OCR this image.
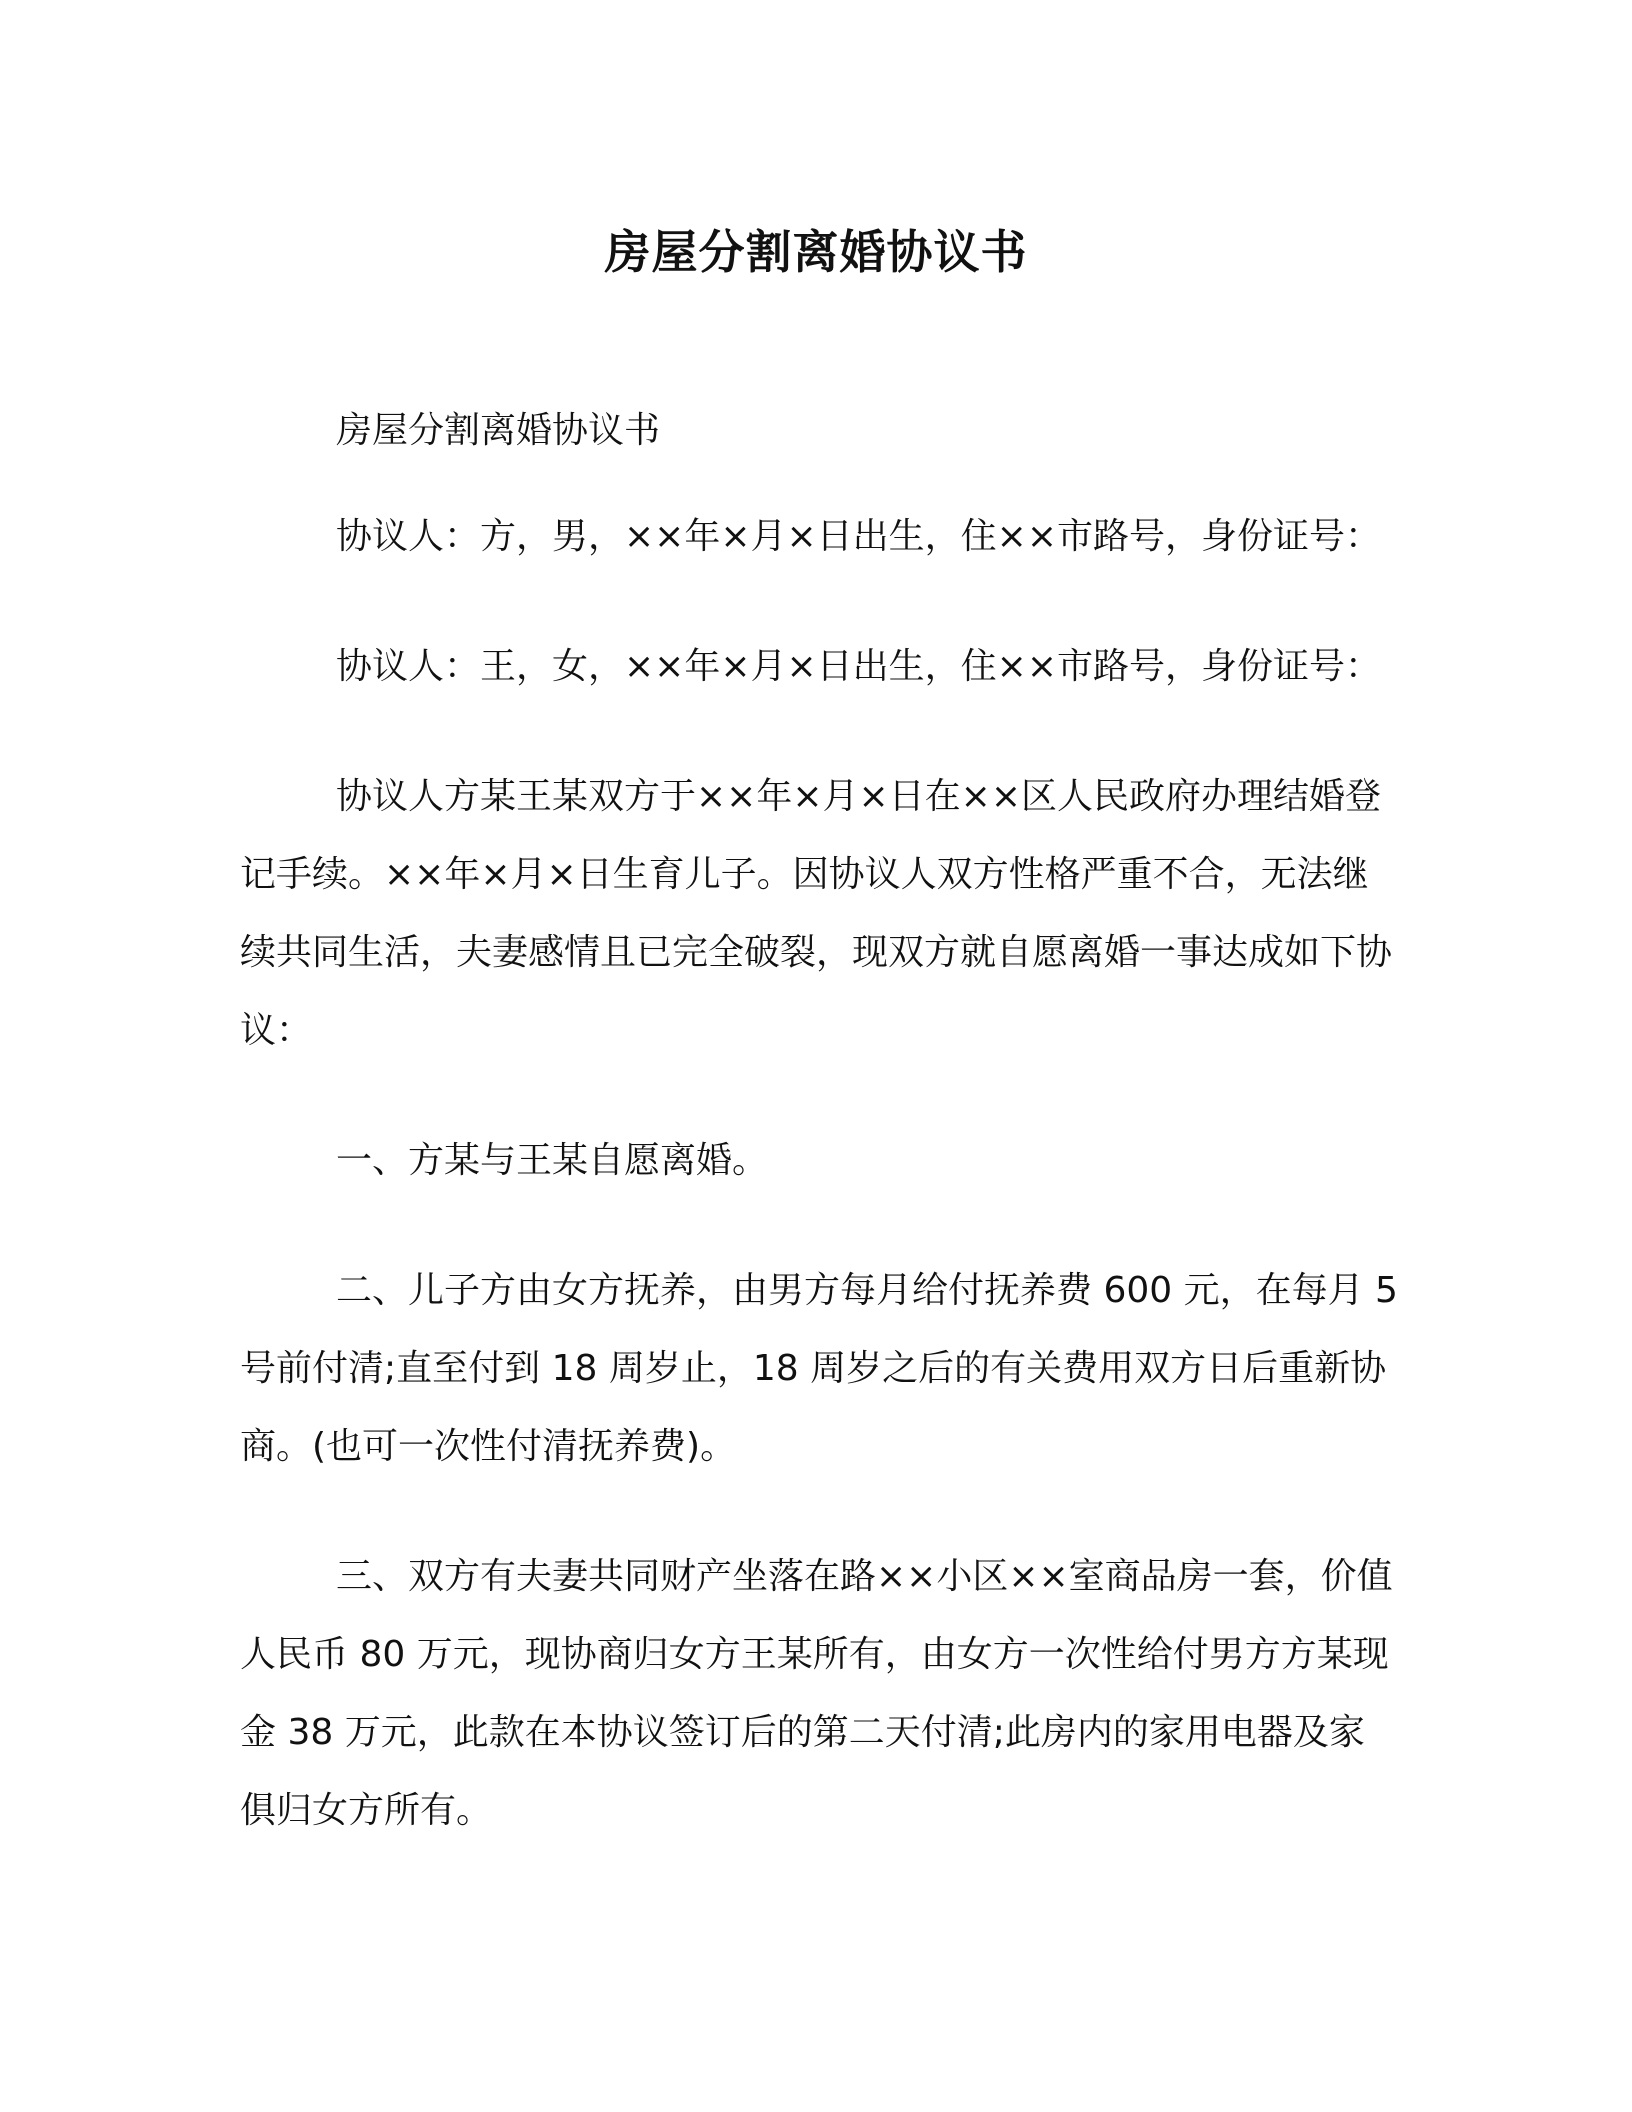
房屋分割离婚协议书

房屋分割离婚协议书

协议人：方，男，××年×月×日出生，住××市路号，身份证号：

协议人：王，女，××年×月×日出生，住××市路号，身份证号：

协议人方某王某双方于××年×月×日在××区人民政府办理结婚登记手续。××年×月×日生育儿子。因协议人双方性格严重不合，无法继续共同生活，夫妻感情且已完全破裂，现双方就自愿离婚一事达成如下协议：

一、方某与王某自愿离婚。

二、儿子方由女方抚养，由男方每月给付抚养费 600 元，在每月 5 号前付清;直至付到 18 周岁止，18 周岁之后的有关费用双方日后重新协商。(也可一次性付清抚养费)。

三、双方有夫妻共同财产坐落在路××小区××室商品房一套，价值人民币 80 万元，现协商归女方王某所有，由女方一次性给付男方方某现金 38 万元，此款在本协议签订后的第二天付清;此房内的家用电器及家俱归女方所有。
